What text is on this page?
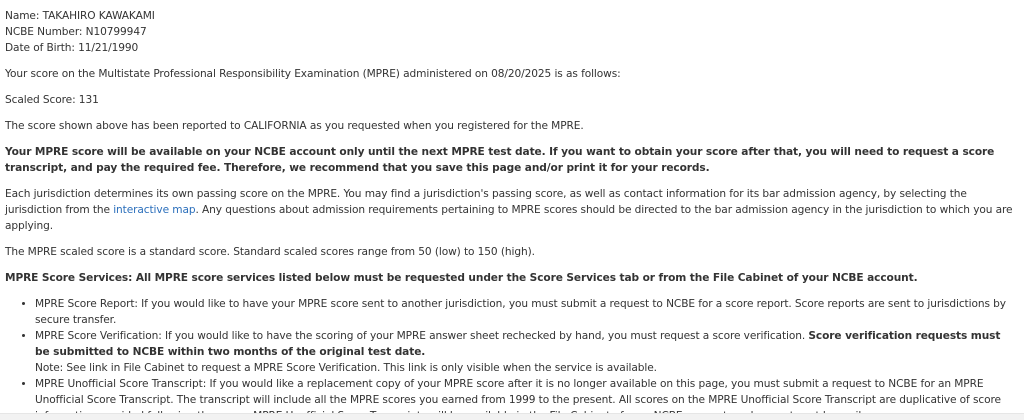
Name: TAKAHIRO KAWAKAMI
NCBE Number: N10799947
Date of Birth: 11/21/1990

Your score on the Multistate Professional Responsibility Examination (MPRE) administered on 08/20/2025 is as follows:

Scaled Score: 131

The score shown above has been reported to CALIFORNIA as you requested when you registered for the MPRE.

Your MPRE score will be available on your NCBE account only until the next MPRE test date. If you want to obtain your score after that, you will need to request a score transcript, and pay the required fee. Therefore, we recommend that you save this page and/or print it for your records.

Each jurisdiction determines its own passing score on the MPRE. You may find a jurisdiction's passing score, as well as contact information for its bar admission agency, by selecting the jurisdiction from the interactive map. Any questions about admission requirements pertaining to MPRE scores should be directed to the bar admission agency in the jurisdiction to which you are applying.

The MPRE scaled score is a standard score. Standard scaled scores range from 50 (low) to 150 (high).

MPRE Score Services: All MPRE score services listed below must be requested under the Score Services tab or from the File Cabinet of your NCBE account.

• MPRE Score Report: If you would like to have your MPRE score sent to another jurisdiction, you must submit a request to NCBE for a score report. Score reports are sent to jurisdictions by secure transfer.
• MPRE Score Verification: If you would like to have the scoring of your MPRE answer sheet rechecked by hand, you must request a score verification. Score verification requests must be submitted to NCBE within two months of the original test date.
Note: See link in File Cabinet to request a MPRE Score Verification. This link is only visible when the service is available.
• MPRE Unofficial Score Transcript: If you would like a replacement copy of your MPRE score after it is no longer available on this page, you must submit a request to NCBE for an MPRE Unofficial Score Transcript. The transcript will include all the MPRE scores you earned from 1999 to the present. All scores on the MPRE Unofficial Score Transcript are duplicative of score
